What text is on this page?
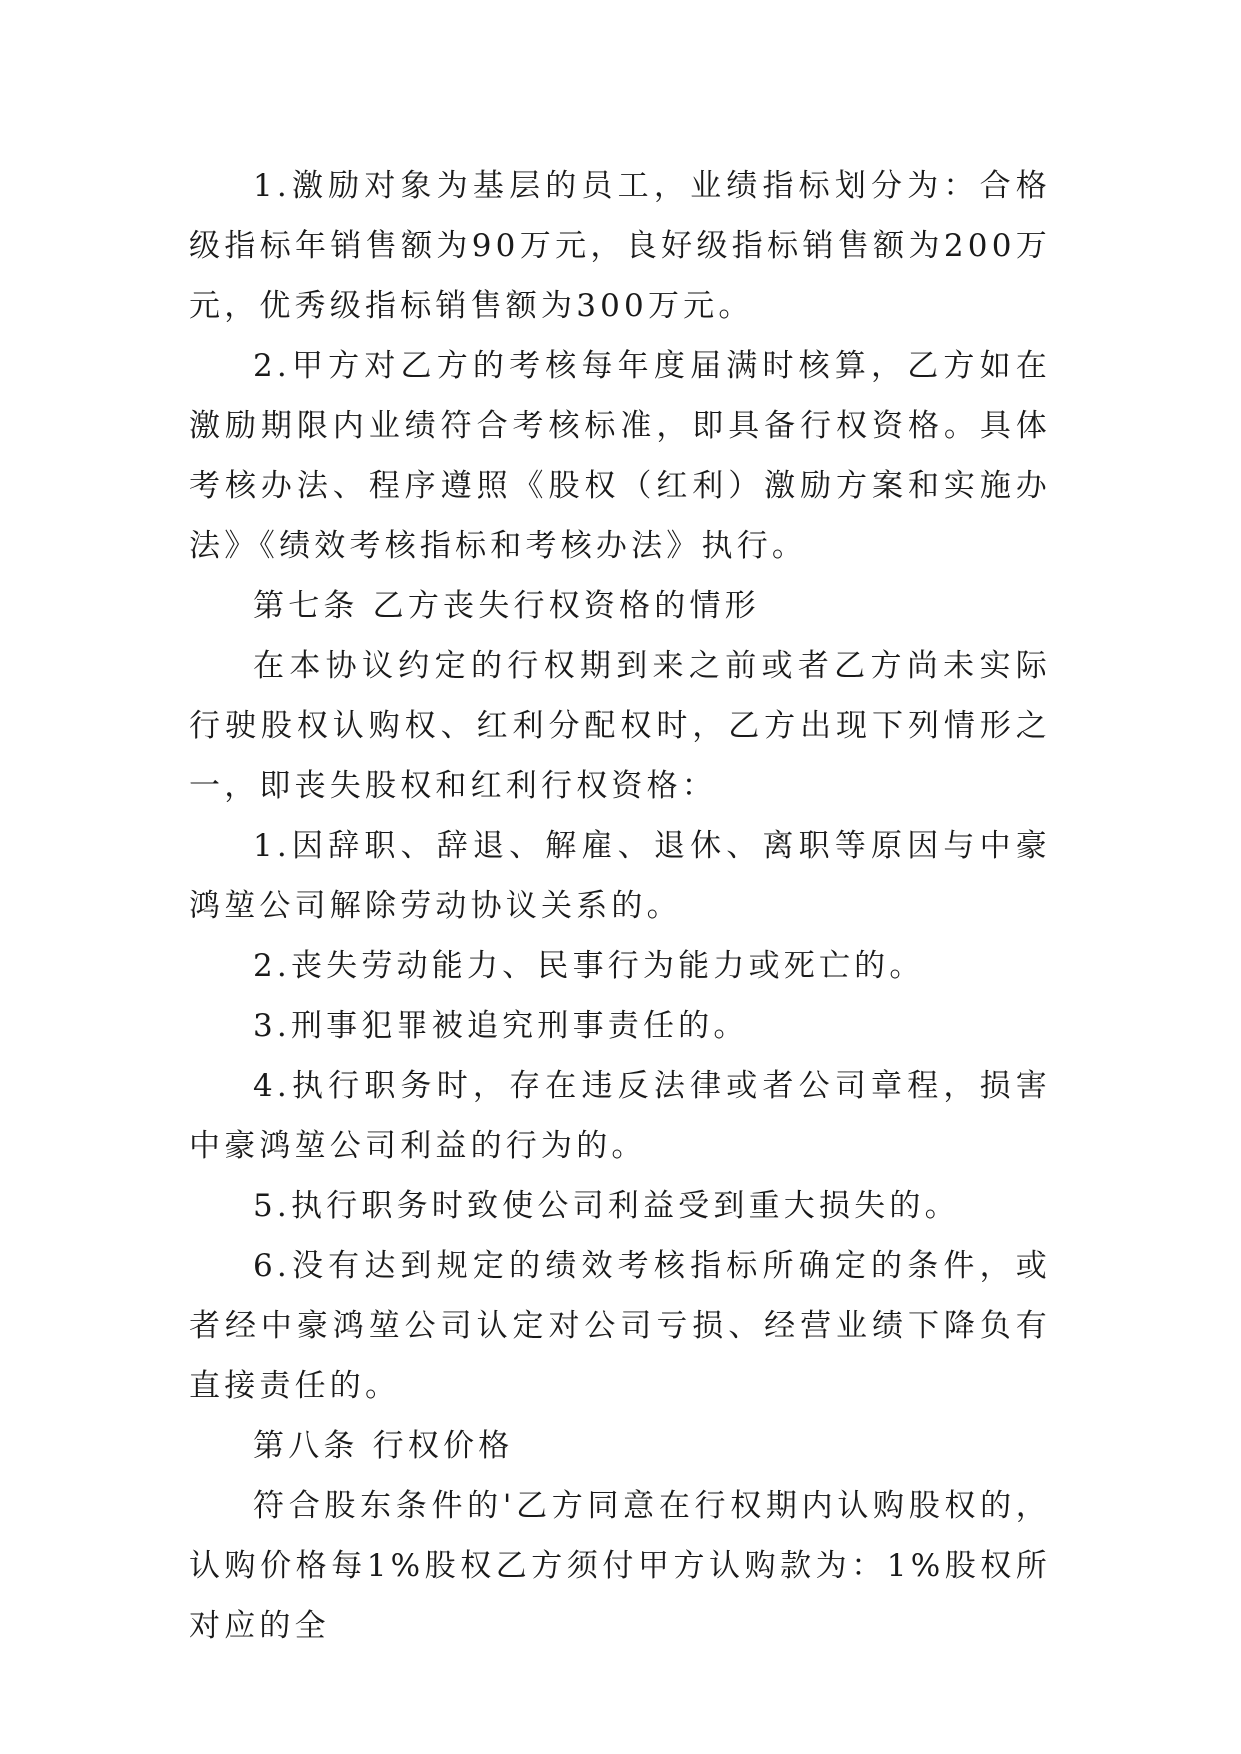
1.激励对象为基层的员工，业绩指标划分为：合格级指标年销售额为90万元，良好级指标销售额为200万元，优秀级指标销售额为300万元。

2.甲方对乙方的考核每年度届满时核算，乙方如在激励期限内业绩符合考核标准，即具备行权资格。具体考核办法、程序遵照《股权（红利）激励方案和实施办法》《绩效考核指标和考核办法》执行。

第七条 乙方丧失行权资格的情形

在本协议约定的行权期到来之前或者乙方尚未实际行驶股权认购权、红利分配权时，乙方出现下列情形之一，即丧失股权和红利行权资格：

1.因辞职、辞退、解雇、退休、离职等原因与中豪鸿堃公司解除劳动协议关系的。

2.丧失劳动能力、民事行为能力或死亡的。

3.刑事犯罪被追究刑事责任的。

4.执行职务时，存在违反法律或者公司章程，损害中豪鸿堃公司利益的行为的。

5.执行职务时致使公司利益受到重大损失的。

6.没有达到规定的绩效考核指标所确定的条件，或者经中豪鸿堃公司认定对公司亏损、经营业绩下降负有直接责任的。

第八条 行权价格

符合股东条件的'乙方同意在行权期内认购股权的，认购价格每1%股权乙方须付甲方认购款为：1%股权所对应的全
